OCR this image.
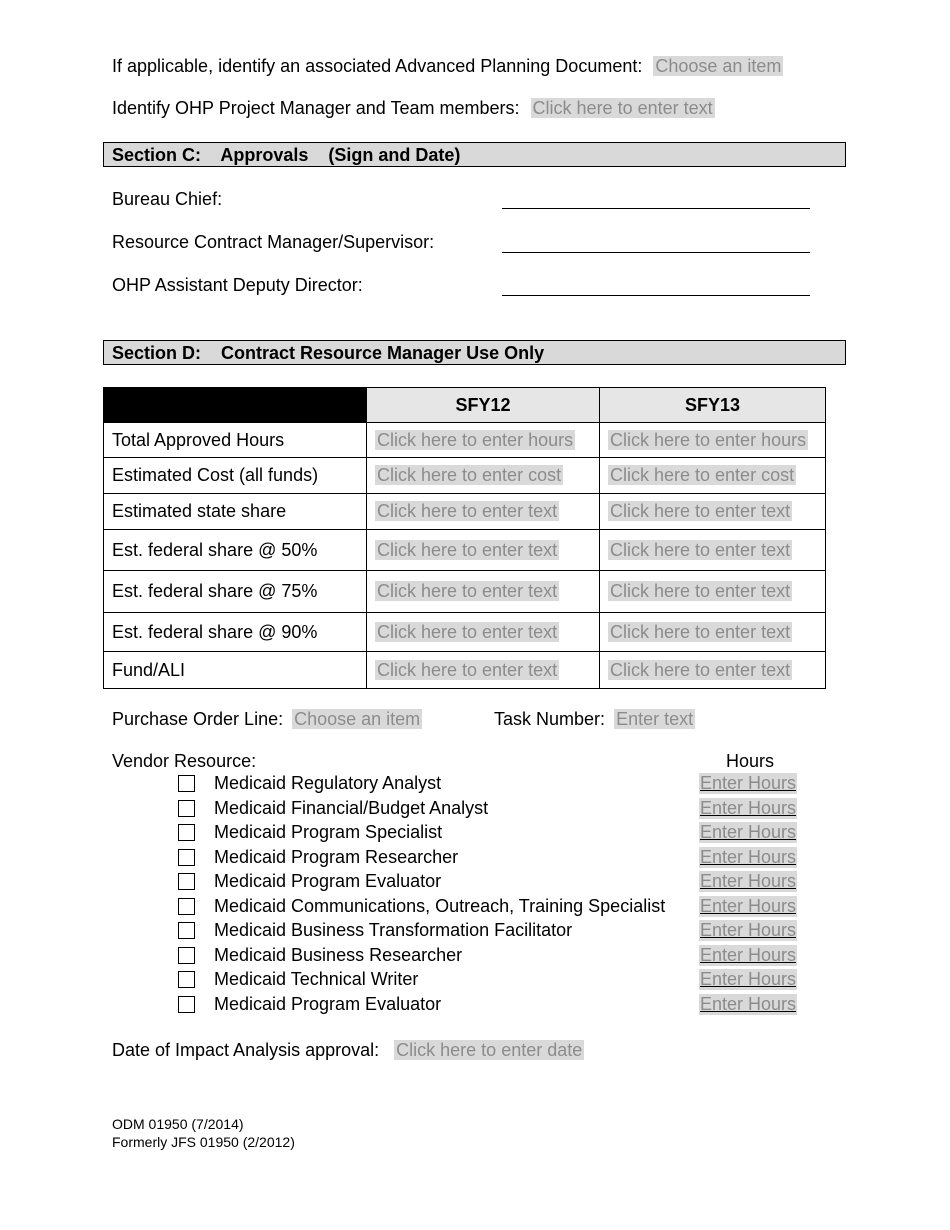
If applicable, identify an associated Advanced Planning Document: Choose an item
Identify OHP Project Manager and Team members: Click here to enter text
Section C:    Approvals    (Sign and Date)
Bureau Chief:
Resource Contract Manager/Supervisor:
OHP Assistant Deputy Director:
Section D:    Contract Resource Manager Use Only
	SFY12	SFY13
Total Approved Hours	Click here to enter hours	Click here to enter hours
Estimated Cost (all funds)	Click here to enter cost	Click here to enter cost
Estimated state share	Click here to enter text	Click here to enter text
Est. federal share @ 50%	Click here to enter text	Click here to enter text
Est. federal share @ 75%	Click here to enter text	Click here to enter text
Est. federal share @ 90%	Click here to enter text	Click here to enter text
Fund/ALI	Click here to enter text	Click here to enter text
Purchase Order Line: Choose an item	Task Number: Enter text
Vendor Resource:	Hours
Medicaid Regulatory Analyst	Enter Hours
Medicaid Financial/Budget Analyst	Enter Hours
Medicaid Program Specialist	Enter Hours
Medicaid Program Researcher	Enter Hours
Medicaid Program Evaluator	Enter Hours
Medicaid Communications, Outreach, Training Specialist Enter Hours
Medicaid Business Transformation Facilitator	Enter Hours
Medicaid Business Researcher	Enter Hours
Medicaid Technical Writer	Enter Hours
Medicaid Program Evaluator	Enter Hours
Date of Impact Analysis approval: Click here to enter date
ODM 01950 (7/2014)
Formerly JFS 01950 (2/2012)
